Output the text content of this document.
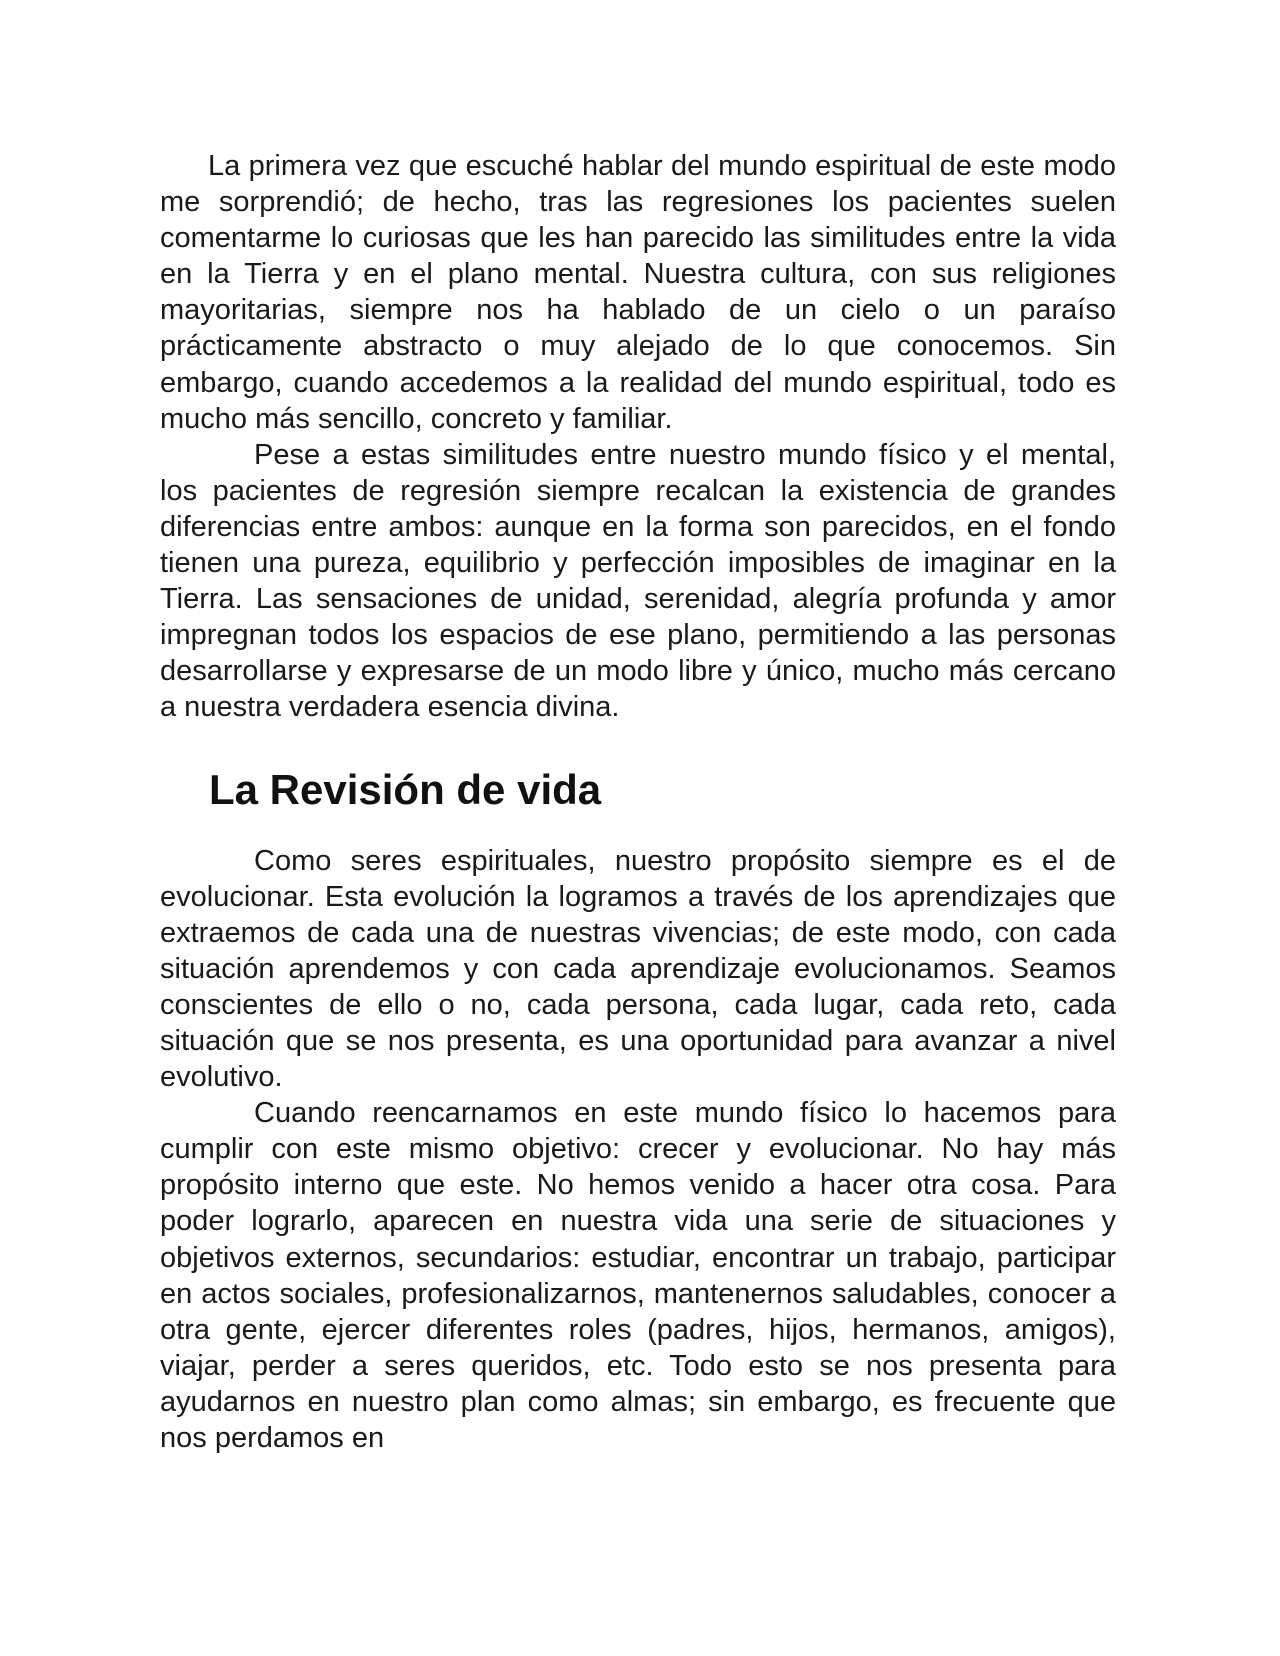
La primera vez que escuché hablar del mundo espiritual de este modo me sorprendió; de hecho, tras las regresiones los pacientes suelen comentarme lo curiosas que les han parecido las similitudes entre la vida en la Tierra y en el plano mental. Nuestra cultura, con sus religiones mayoritarias, siempre nos ha hablado de un cielo o un paraíso prácticamente abstracto o muy alejado de lo que conocemos. Sin embargo, cuando accedemos a la realidad del mundo espiritual, todo es mucho más sencillo, concreto y familiar.

Pese a estas similitudes entre nuestro mundo físico y el mental, los pacientes de regresión siempre recalcan la existencia de grandes diferencias entre ambos: aunque en la forma son parecidos, en el fondo tienen una pureza, equilibrio y perfección imposibles de imaginar en la Tierra. Las sensaciones de unidad, serenidad, alegría profunda y amor impregnan todos los espacios de ese plano, permitiendo a las personas desarrollarse y expresarse de un modo libre y único, mucho más cercano a nuestra verdadera esencia divina.

La Revisión de vida

Como seres espirituales, nuestro propósito siempre es el de evolucionar. Esta evolución la logramos a través de los aprendizajes que extraemos de cada una de nuestras vivencias; de este modo, con cada situación aprendemos y con cada aprendizaje evolucionamos. Seamos conscientes de ello o no, cada persona, cada lugar, cada reto, cada situación que se nos presenta, es una oportunidad para avanzar a nivel evolutivo.

Cuando reencarnamos en este mundo físico lo hacemos para cumplir con este mismo objetivo: crecer y evolucionar. No hay más propósito interno que este. No hemos venido a hacer otra cosa. Para poder lograrlo, aparecen en nuestra vida una serie de situaciones y objetivos externos, secundarios: estudiar, encontrar un trabajo, participar en actos sociales, profesionalizarnos, mantenernos saludables, conocer a otra gente, ejercer diferentes roles (padres, hijos, hermanos, amigos), viajar, perder a seres queridos, etc. Todo esto se nos presenta para ayudarnos en nuestro plan como almas; sin embargo, es frecuente que nos perdamos en
